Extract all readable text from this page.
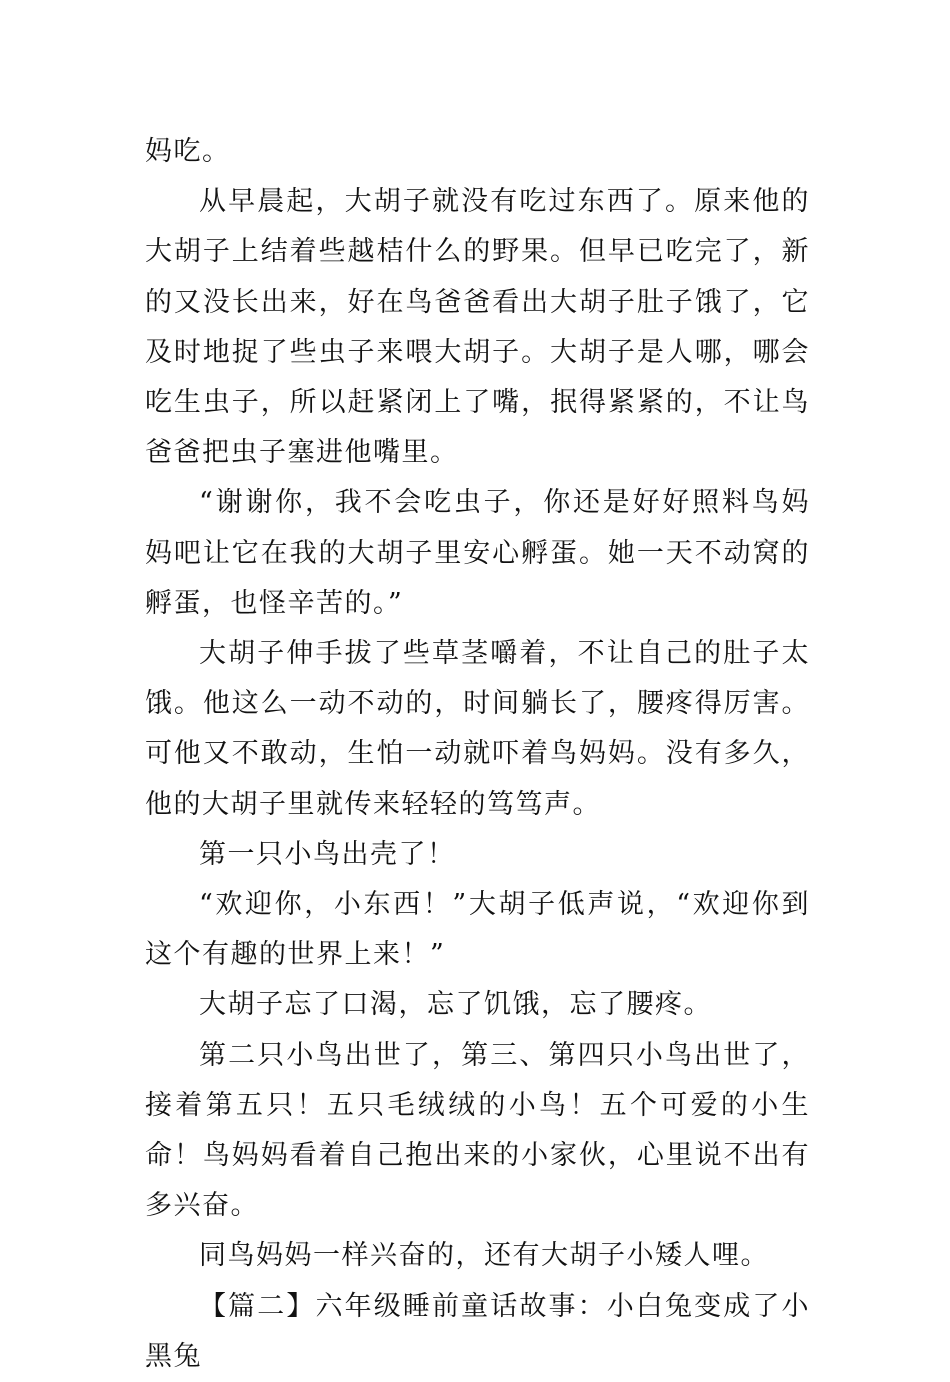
妈吃。

从早晨起，大胡子就没有吃过东西了。原来他的大胡子上结着些越桔什么的野果。但早已吃完了，新的又没长出来，好在鸟爸爸看出大胡子肚子饿了，它及时地捉了些虫子来喂大胡子。大胡子是人哪，哪会吃生虫子，所以赶紧闭上了嘴，抿得紧紧的，不让鸟爸爸把虫子塞进他嘴里。

“谢谢你，我不会吃虫子，你还是好好照料鸟妈妈吧让它在我的大胡子里安心孵蛋。她一天不动窝的孵蛋，也怪辛苦的。”

大胡子伸手拔了些草茎嚼着，不让自己的肚子太饿。他这么一动不动的，时间躺长了，腰疼得厉害。可他又不敢动，生怕一动就吓着鸟妈妈。没有多久，他的大胡子里就传来轻轻的笃笃声。

第一只小鸟出壳了！

“欢迎你，小东西！”大胡子低声说，“欢迎你到这个有趣的世界上来！”

大胡子忘了口渴，忘了饥饿，忘了腰疼。

第二只小鸟出世了，第三、第四只小鸟出世了，接着第五只！五只毛绒绒的小鸟！五个可爱的小生命！鸟妈妈看着自己抱出来的小家伙，心里说不出有多兴奋。

同鸟妈妈一样兴奋的，还有大胡子小矮人哩。

【篇二】六年级睡前童话故事：小白兔变成了小黑兔
